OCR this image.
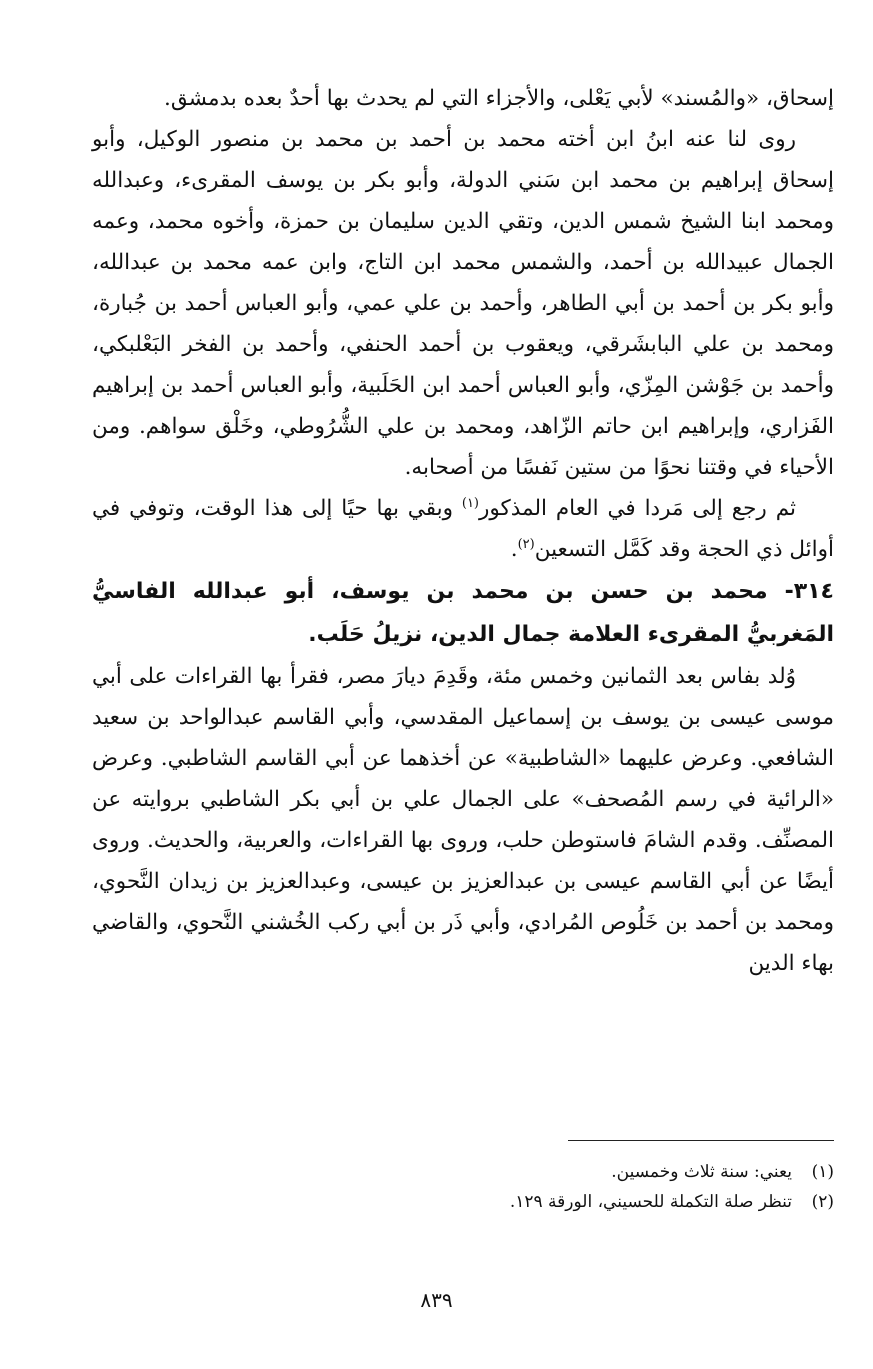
إسحاق، «والمُسند» لأبي يَعْلى، والأجزاء التي لم يحدث بها أحدٌ بعده بدمشق.

روى لنا عنه ابنُ ابن أخته محمد بن أحمد بن محمد بن منصور الوكيل، وأبو إسحاق إبراهيم بن محمد ابن سَني الدولة، وأبو بكر بن يوسف المقرىء، وعبدالله ومحمد ابنا الشيخ شمس الدين، وتقي الدين سليمان بن حمزة، وأخوه محمد، وعمه الجمال عبيدالله بن أحمد، والشمس محمد ابن التاج، وابن عمه محمد بن عبدالله، وأبو بكر بن أحمد بن أبي الطاهر، وأحمد بن علي عمي، وأبو العباس أحمد بن جُبارة، ومحمد بن علي البابشَرقي، ويعقوب بن أحمد الحنفي، وأحمد بن الفخر البَعْلبكي، وأحمد بن جَوْشن المِزّي، وأبو العباس أحمد ابن الحَلَبية، وأبو العباس أحمد بن إبراهيم الفَزاري، وإبراهيم ابن حاتم الزّاهد، ومحمد بن علي الشُّرُوطي، وخَلْق سواهم. ومن الأحياء في وقتنا نحوًا من ستين نَفسًا من أصحابه.

ثم رجع إلى مَردا في العام المذكور$^{(١)}$ وبقي بها حيًا إلى هذا الوقت، وتوفي في أوائل ذي الحجة وقد كَمَّل التسعين$^{(٢)}$.

٣١٤- محمد بن حسن بن محمد بن يوسف، أبو عبدالله الفاسيُّ المَغربيُّ المقرىء العلامة جمال الدين، نزيلُ حَلَب.

وُلد بفاس بعد الثمانين وخمس مئة، وقَدِمَ ديارَ مصر، فقرأ بها القراءات على أبي موسى عيسى بن يوسف بن إسماعيل المقدسي، وأبي القاسم عبدالواحد بن سعيد الشافعي. وعرض عليهما «الشاطبية» عن أخذهما عن أبي القاسم الشاطبي. وعرض «الرائية في رسم المُصحف» على الجمال علي بن أبي بكر الشاطبي بروايته عن المصنِّف. وقدم الشامَ فاستوطن حلب، وروى بها القراءات، والعربية، والحديث. وروى أيضًا عن أبي القاسم عيسى بن عبدالعزيز بن عيسى، وعبدالعزيز بن زيدان النَّحوي، ومحمد بن أحمد بن خَلُوص المُرادي، وأبي ذَر بن أبي ركب الخُشني النَّحوي، والقاضي بهاء الدين

(١)يعني: سنة ثلاث وخمسين.
(٢)تنظر صلة التكملة للحسيني، الورقة ١٢٩.
٨٣٩
